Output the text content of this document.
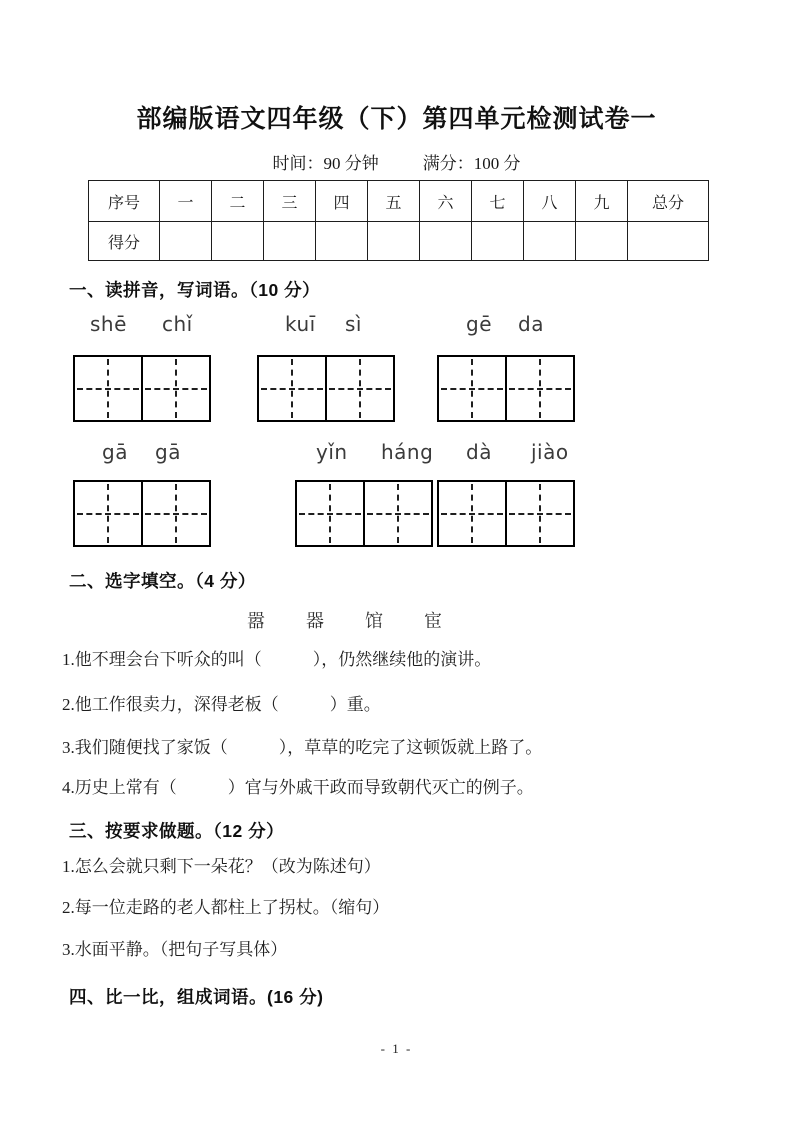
部编版语文四年级（下）第四单元检测试卷一
时间：90 分钟	满分：100 分
序号	一	二	三	四	五	六	七	八	九	总分
得分										
一、读拼音，写词语。（10 分）
shē chǐ	kuī sì	gē da
gā gā	yǐn háng dà jiào
二、选字填空。（4 分）
嚣 器 馆 宦
1.他不理会台下听众的叫（　　　），仍然继续他的演讲。
2.他工作很卖力，深得老板（　　　）重。
3.我们随便找了家饭（　　　），草草的吃完了这顿饭就上路了。
4.历史上常有（　　　）官与外戚干政而导致朝代灭亡的例子。
三、按要求做题。（12 分）
1.怎么会就只剩下一朵花？（改为陈述句）
2.每一位走路的老人都柱上了拐杖。（缩句）
3.水面平静。（把句子写具体）
四、比一比，组成词语。(16 分)
- 1 -
